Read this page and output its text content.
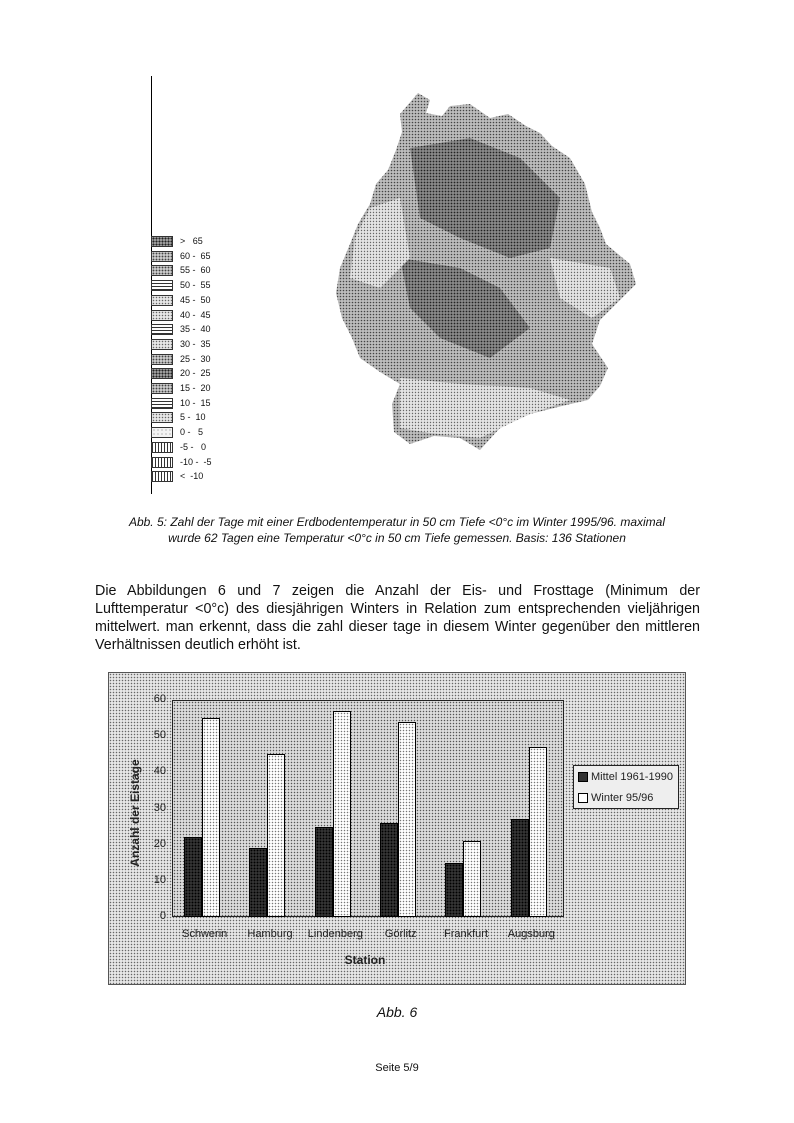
>   65
60 -  65
55 -  60
50 -  55
45 -  50
40 -  45
35 -  40
30 -  35
25 -  30
20 -  25
15 -  20
10 -  15
5 -  10
0 -   5
-5 -   0
-10 -  -5
<  -10
Abb. 5: Zahl der Tage mit einer Erdbodentemperatur in 50 cm Tiefe <0°c im Winter 1995/96. maximal
wurde 62 Tagen eine Temperatur <0°c in 50 cm Tiefe gemessen. Basis: 136 Stationen
Die Abbildungen 6 und 7 zeigen die Anzahl der Eis- und Frosttage (Minimum der Lufttemperatur <0°c) des diesjährigen Winters in Relation zum entsprechenden vieljährigen mittelwert. man erkennt, dass die zahl dieser tage in diesem Winter gegenüber den mittleren Verhältnissen deutlich erhöht ist.
0
10
20
30
40
50
60
Schwerin	Hamburg	Lindenberg	Görlitz	Frankfurt	Augsburg
Anzahl der Eistage
Station
Mittel 1961-1990
Winter 95/96
Abb. 6
Seite 5/9
